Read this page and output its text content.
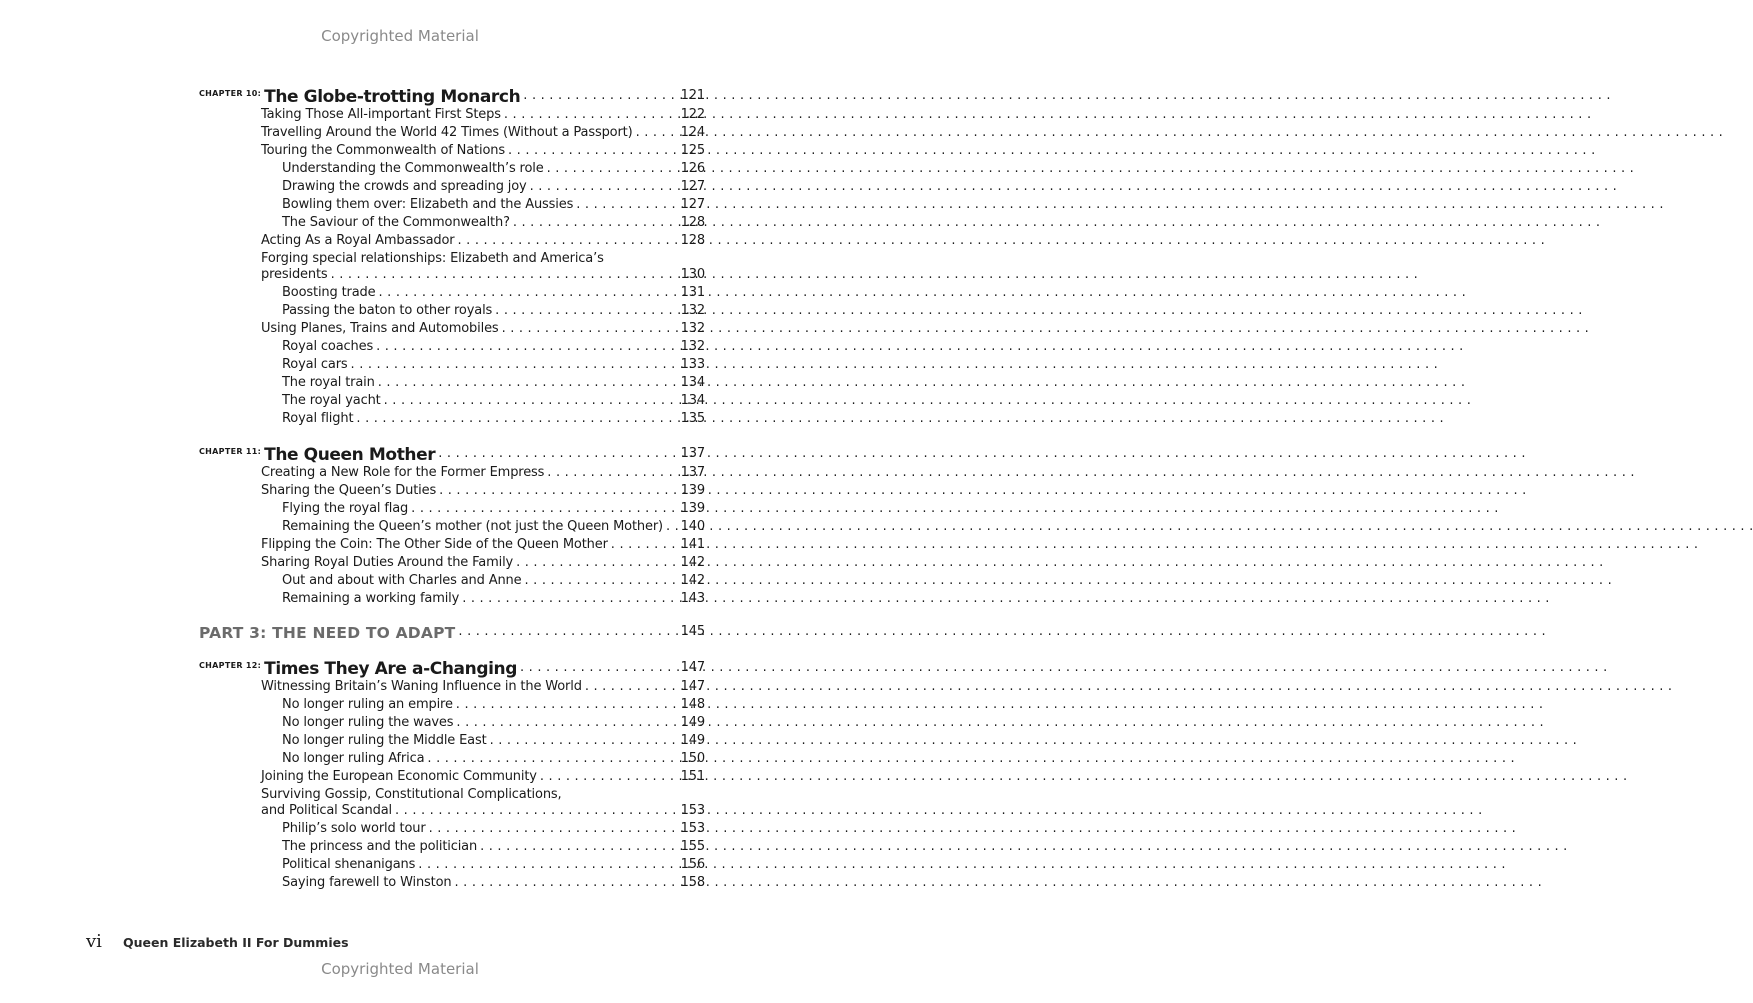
Copyrighted Material
CHAPTER 10: The Globe-trotting Monarch . . .	121
Taking Those All-important First Steps . . .	122
Travelling Around the World 42 Times (Without a Passport) . . .	124
Touring the Commonwealth of Nations . . .	125
Understanding the Commonwealth’s role . . .	126
Drawing the crowds and spreading joy . . .	127
Bowling them over: Elizabeth and the Aussies . . .	127
The Saviour of the Commonwealth? . . .	128
Acting As a Royal Ambassador . . .	128
Forging special relationships: Elizabeth and America’s
presidents . . .	130
Boosting trade . . .	131
Passing the baton to other royals . . .	132
Using Planes, Trains and Automobiles . . .	132
Royal coaches . . .	132
Royal cars . . .	133
The royal train . . .	134
The royal yacht . . .	134
Royal flight . . .	135
CHAPTER 11: The Queen Mother . . .	137
Creating a New Role for the Former Empress . . .	137
Sharing the Queen’s Duties . . .	139
Flying the royal flag . . .	139
Remaining the Queen’s mother (not just the Queen Mother) . . . 140
Flipping the Coin: The Other Side of the Queen Mother . . .	141
Sharing Royal Duties Around the Family . . .	142
Out and about with Charles and Anne . . .	142
Remaining a working family . . .	143
PART 3: THE NEED TO ADAPT . . .	145
CHAPTER 12: Times They Are a-Changing . . .	147
Witnessing Britain’s Waning Influence in the World . . .	147
No longer ruling an empire . . .	148
No longer ruling the waves . . .	149
No longer ruling the Middle East . . .	149
No longer ruling Africa . . .	150
Joining the European Economic Community . . .	151
Surviving Gossip, Constitutional Complications,
and Political Scandal . . .	153
Philip’s solo world tour . . .	153
The princess and the politician . . .	155
Political shenanigans . . .	156
Saying farewell to Winston . . .	158
vi Queen Elizabeth II For Dummies
Copyrighted Material
